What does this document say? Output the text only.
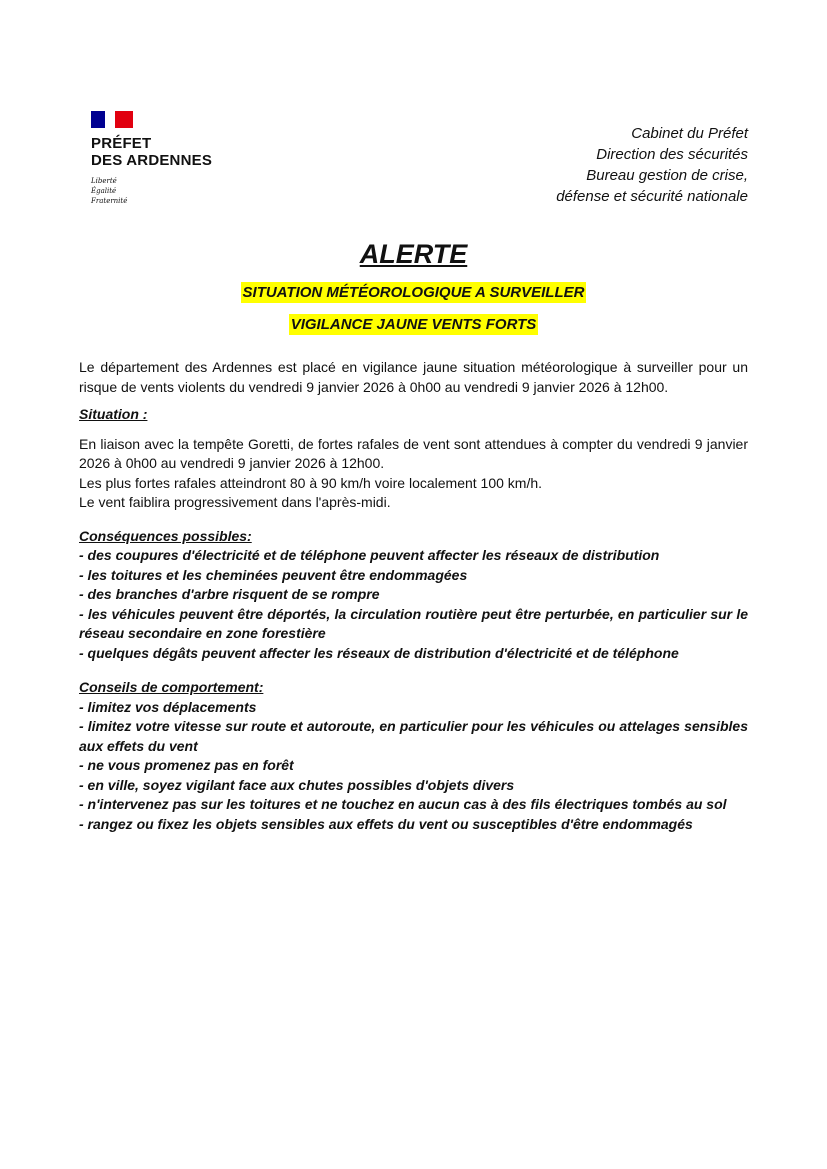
PRÉFET
DES ARDENNES
Liberté
Égalité
Fraternité
Cabinet du Préfet
Direction des sécurités
Bureau gestion de crise,
défense et sécurité nationale
ALERTE
SITUATION MÉTÉOROLOGIQUE A SURVEILLER
VIGILANCE JAUNE VENTS FORTS

Le département des Ardennes est placé en vigilance jaune situation météorologique à surveiller pour un risque de vents violents du vendredi 9 janvier 2026 à 0h00 au vendredi 9 janvier 2026 à 12h00.

Situation :
En liaison avec la tempête Goretti, de fortes rafales de vent sont attendues à compter du vendredi 9 janvier 2026 à 0h00 au vendredi 9 janvier 2026 à 12h00.
Les plus fortes rafales atteindront 80 à 90 km/h voire localement 100 km/h.
Le vent faiblira progressivement dans l'après-midi.
Conséquences possibles:
- des coupures d'électricité et de téléphone peuvent affecter les réseaux de distribution
- les toitures et les cheminées peuvent être endommagées
- des branches d'arbre risquent de se rompre
- les véhicules peuvent être déportés, la circulation routière peut être perturbée, en particulier sur le réseau secondaire en zone forestière
- quelques dégâts peuvent affecter les réseaux de distribution d'électricité et de téléphone
Conseils de comportement:
- limitez vos déplacements
- limitez votre vitesse sur route et autoroute, en particulier pour les véhicules ou attelages sensibles aux effets du vent
- ne vous promenez pas en forêt
- en ville, soyez vigilant face aux chutes possibles d'objets divers
- n'intervenez pas sur les toitures et ne touchez en aucun cas à des fils électriques tombés au sol
- rangez ou fixez les objets sensibles aux effets du vent ou susceptibles d'être endommagés
